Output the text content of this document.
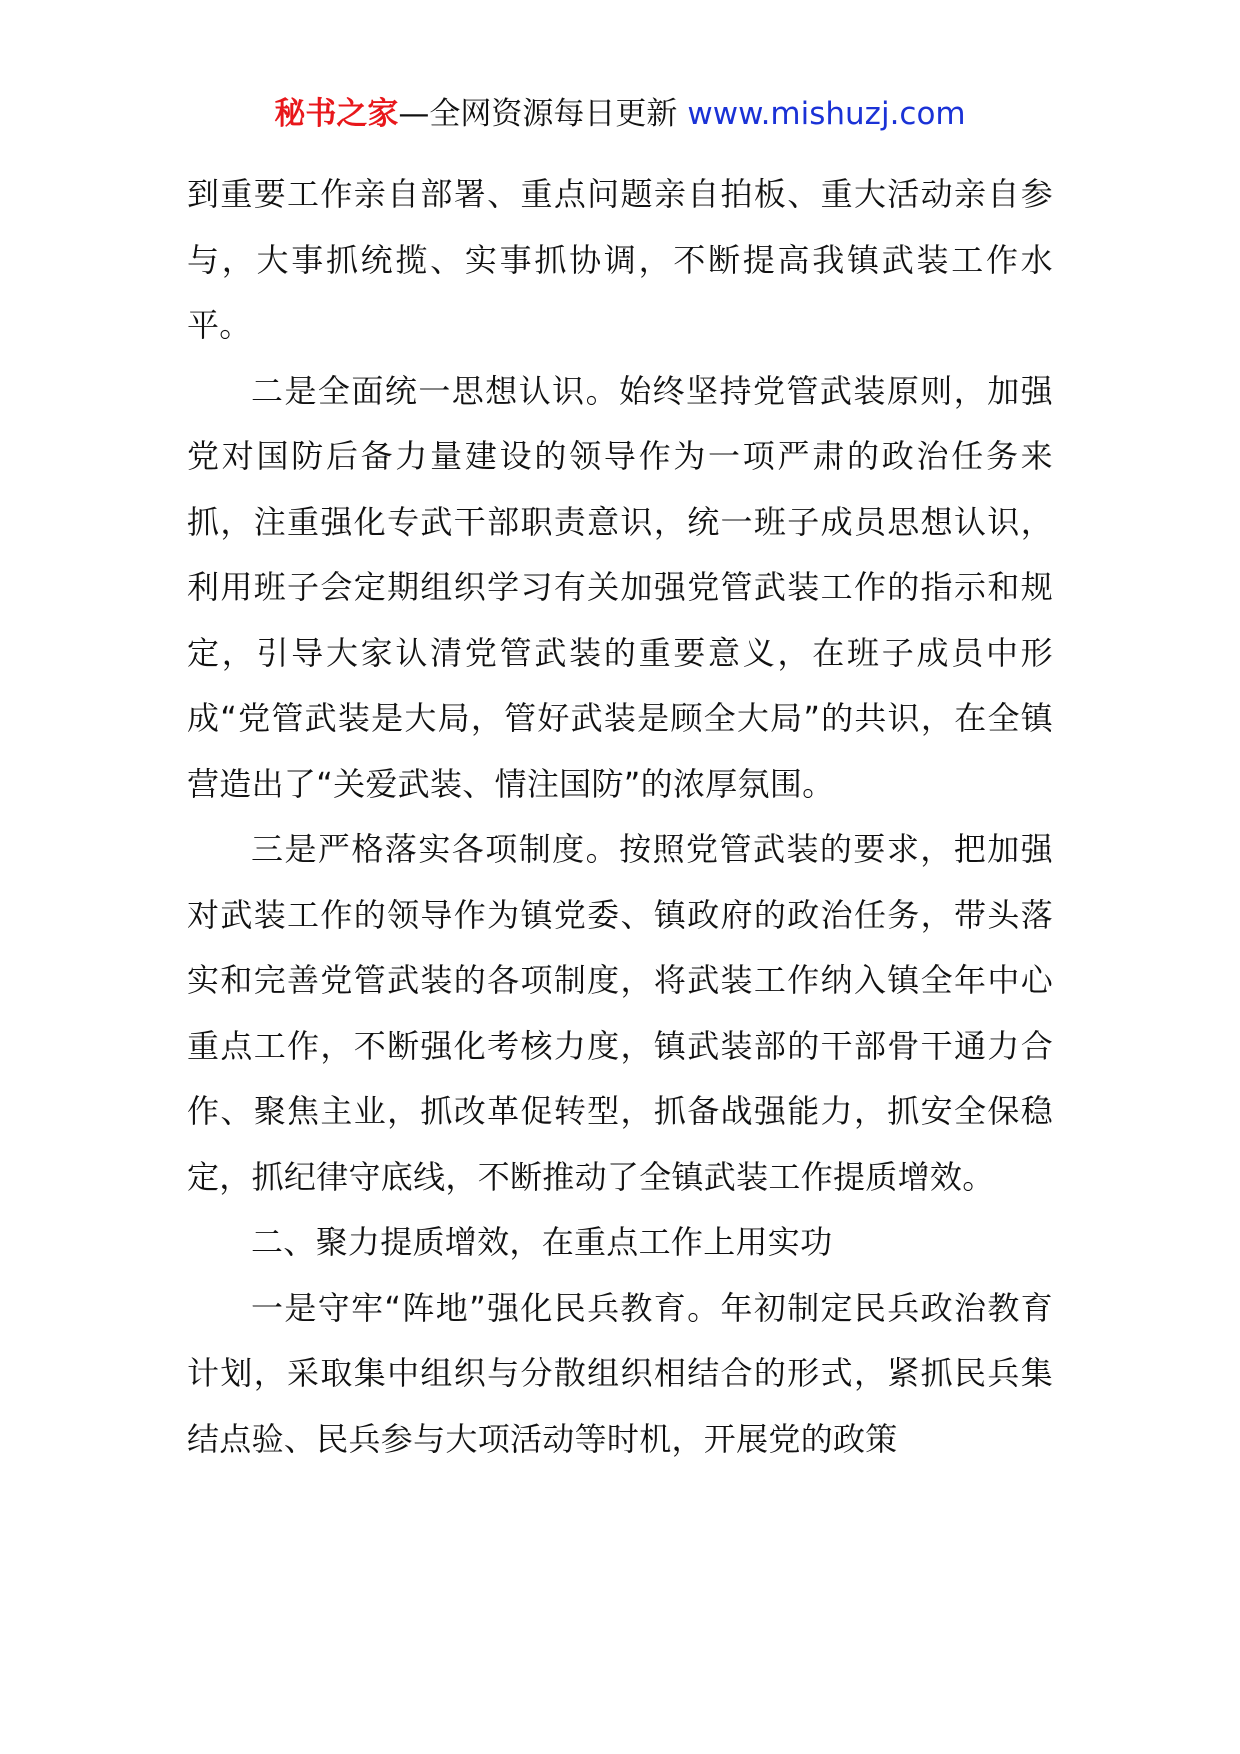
秘书之家—全网资源每日更新 www.mishuzj.com

到重要工作亲自部署、重点问题亲自拍板、重大活动亲自参与，大事抓统揽、实事抓协调，不断提高我镇武装工作水平。

二是全面统一思想认识。始终坚持党管武装原则，加强党对国防后备力量建设的领导作为一项严肃的政治任务来抓，注重强化专武干部职责意识，统一班子成员思想认识，利用班子会定期组织学习有关加强党管武装工作的指示和规定，引导大家认清党管武装的重要意义，在班子成员中形成“党管武装是大局，管好武装是顾全大局”的共识，在全镇营造出了“关爱武装、情注国防”的浓厚氛围。

三是严格落实各项制度。按照党管武装的要求，把加强对武装工作的领导作为镇党委、镇政府的政治任务，带头落实和完善党管武装的各项制度，将武装工作纳入镇全年中心重点工作，不断强化考核力度，镇武装部的干部骨干通力合作、聚焦主业，抓改革促转型，抓备战强能力，抓安全保稳定，抓纪律守底线，不断推动了全镇武装工作提质增效。

二、聚力提质增效，在重点工作上用实功

一是守牢“阵地”强化民兵教育。年初制定民兵政治教育计划，采取集中组织与分散组织相结合的形式，紧抓民兵集结点验、民兵参与大项活动等时机，开展党的政策
